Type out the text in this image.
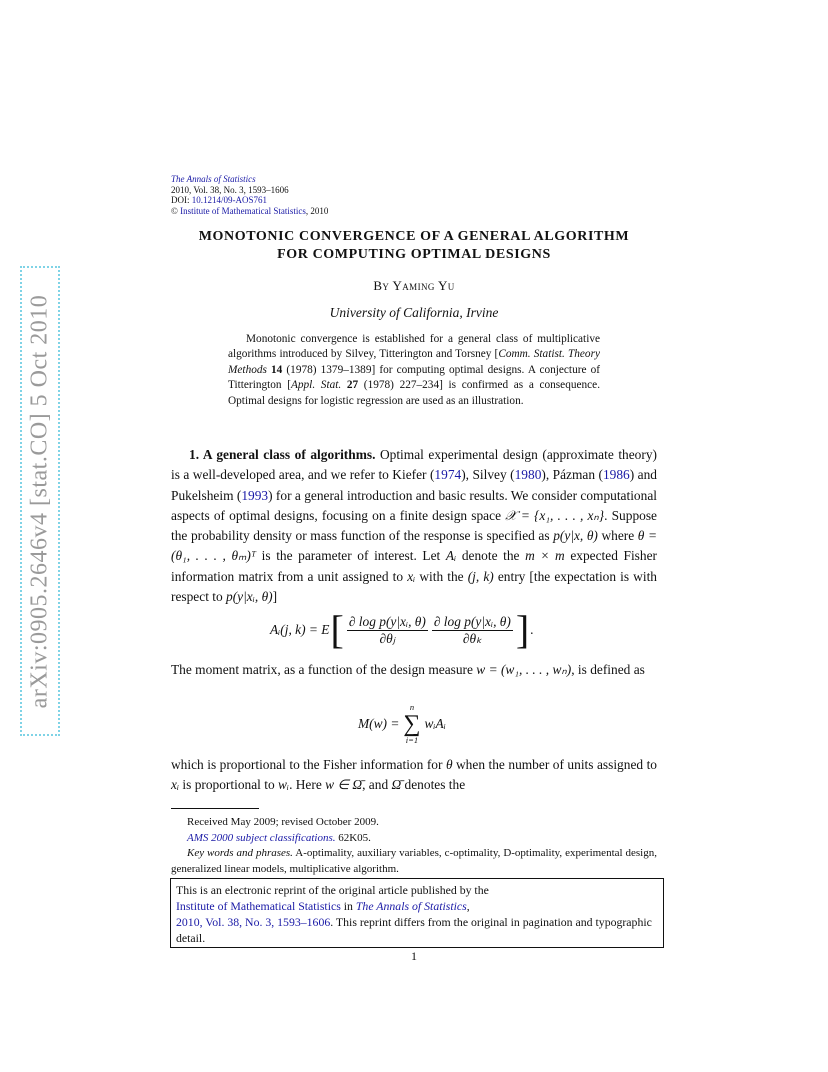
arXiv:0905.2646v4 [stat.CO] 5 Oct 2010
The Annals of Statistics
2010, Vol. 38, No. 3, 1593–1606
DOI: 10.1214/09-AOS761
© Institute of Mathematical Statistics, 2010
MONOTONIC CONVERGENCE OF A GENERAL ALGORITHM
FOR COMPUTING OPTIMAL DESIGNS
By Yaming Yu
University of California, Irvine
Monotonic convergence is established for a general class of multiplicative algorithms introduced by Silvey, Titterington and Torsney [Comm. Statist. Theory Methods 14 (1978) 1379–1389] for computing optimal designs. A conjecture of Titterington [Appl. Stat. 27 (1978) 227–234] is confirmed as a consequence. Optimal designs for logistic regression are used as an illustration.
1. A general class of algorithms. Optimal experimental design (approximate theory) is a well-developed area, and we refer to Kiefer (1974), Silvey (1980), Pázman (1986) and Pukelsheim (1993) for a general introduction and basic results. We consider computational aspects of optimal designs, focusing on a finite design space 𝒳 = {x₁, . . . , xₙ}. Suppose the probability density or mass function of the response is specified as p(y|x, θ) where θ = (θ₁, . . . , θₘ)ᵀ is the parameter of interest. Let Aᵢ denote the m × m expected Fisher information matrix from a unit assigned to xᵢ with the (j, k) entry [the expectation is with respect to p(y|xᵢ, θ)]
Aᵢ(j, k) = E [ $\frac{\text{∂ log p(y|xᵢ, θ)}}{\text{∂θⱼ}} \frac{\text{∂ log p(y|xᵢ, θ)}}{\text{∂θₖ}}$ ] .
The moment matrix, as a function of the design measure w = (w₁, . . . , wₙ), is defined as
M(w) =
n
∑
i=1
wᵢAᵢ
which is proportional to the Fisher information for θ when the number of units assigned to xᵢ is proportional to wᵢ. Here w ∈ Ω̄, and Ω̄ denotes the

Received May 2009; revised October 2009.

AMS 2000 subject classifications. 62K05.

Key words and phrases. A-optimality, auxiliary variables, c-optimality, D-optimality, experimental design, generalized linear models, multiplicative algorithm.

This is an electronic reprint of the original article published by the
Institute of Mathematical Statistics in The Annals of Statistics,
2010, Vol. 38, No. 3, 1593–1606. This reprint differs from the original in pagination and typographic detail.
1
